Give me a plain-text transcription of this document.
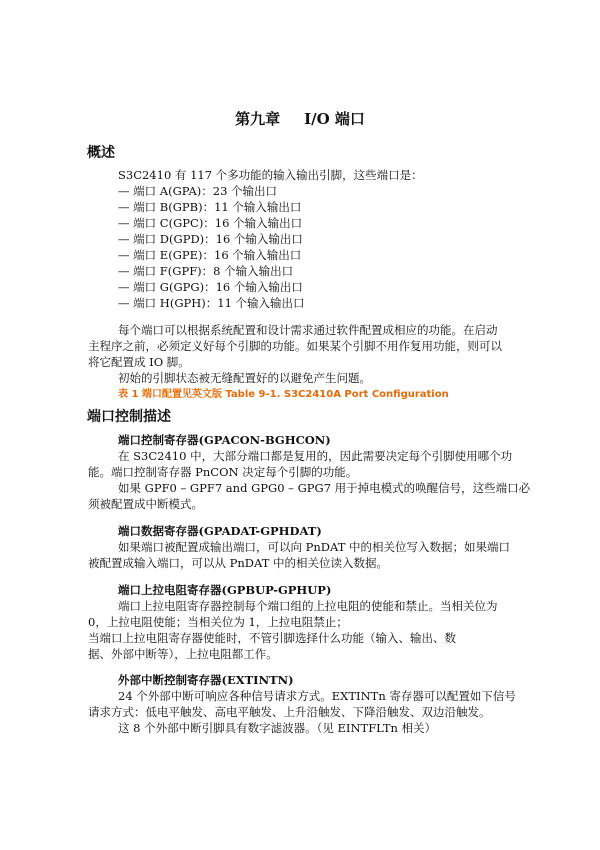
第九章 I/O 端口
概述
S3C2410 有 117 个多功能的输入输出引脚，这些端口是：
— 端口 A(GPA)：23 个输出口
— 端口 B(GPB)：11 个输入输出口
— 端口 C(GPC)：16 个输入输出口
— 端口 D(GPD)：16 个输入输出口
— 端口 E(GPE)：16 个输入输出口
— 端口 F(GPF)：8 个输入输出口
— 端口 G(GPG)：16 个输入输出口
— 端口 H(GPH)：11 个输入输出口
每个端口可以根据系统配置和设计需求通过软件配置成相应的功能。在启动
主程序之前，必须定义好每个引脚的功能。如果某个引脚不用作复用功能，则可以
将它配置成 IO 脚。
初始的引脚状态被无缝配置好的以避免产生问题。
表 1 端口配置见英文版 Table 9-1. S3C2410A Port Configuration
端口控制描述
端口控制寄存器(GPACON-BGHCON)
在 S3C2410 中，大部分端口都是复用的，因此需要决定每个引脚使用哪个功
能。端口控制寄存器 PnCON 决定每个引脚的功能。
如果 GPF0 – GPF7 and GPG0 – GPG7 用于掉电模式的唤醒信号，这些端口必
须被配置成中断模式。
端口数据寄存器(GPADAT-GPHDAT)
如果端口被配置成输出端口，可以向 PnDAT 中的相关位写入数据；如果端口
被配置成输入端口，可以从 PnDAT 中的相关位读入数据。
端口上拉电阻寄存器(GPBUP-GPHUP)
端口上拉电阻寄存器控制每个端口组的上拉电阻的使能和禁止。当相关位为
0，上拉电阻使能；当相关位为 1，上拉电阻禁止；
当端口上拉电阻寄存器使能时，不管引脚选择什么功能（输入、输出、数
据、外部中断等），上拉电阻都工作。
外部中断控制寄存器(EXTINTN)
24 个外部中断可响应各种信号请求方式。EXTINTn 寄存器可以配置如下信号
请求方式：低电平触发、高电平触发、上升沿触发、下降沿触发、双边沿触发。
这 8 个外部中断引脚具有数字滤波器。（见 EINTFLTn 相关）
